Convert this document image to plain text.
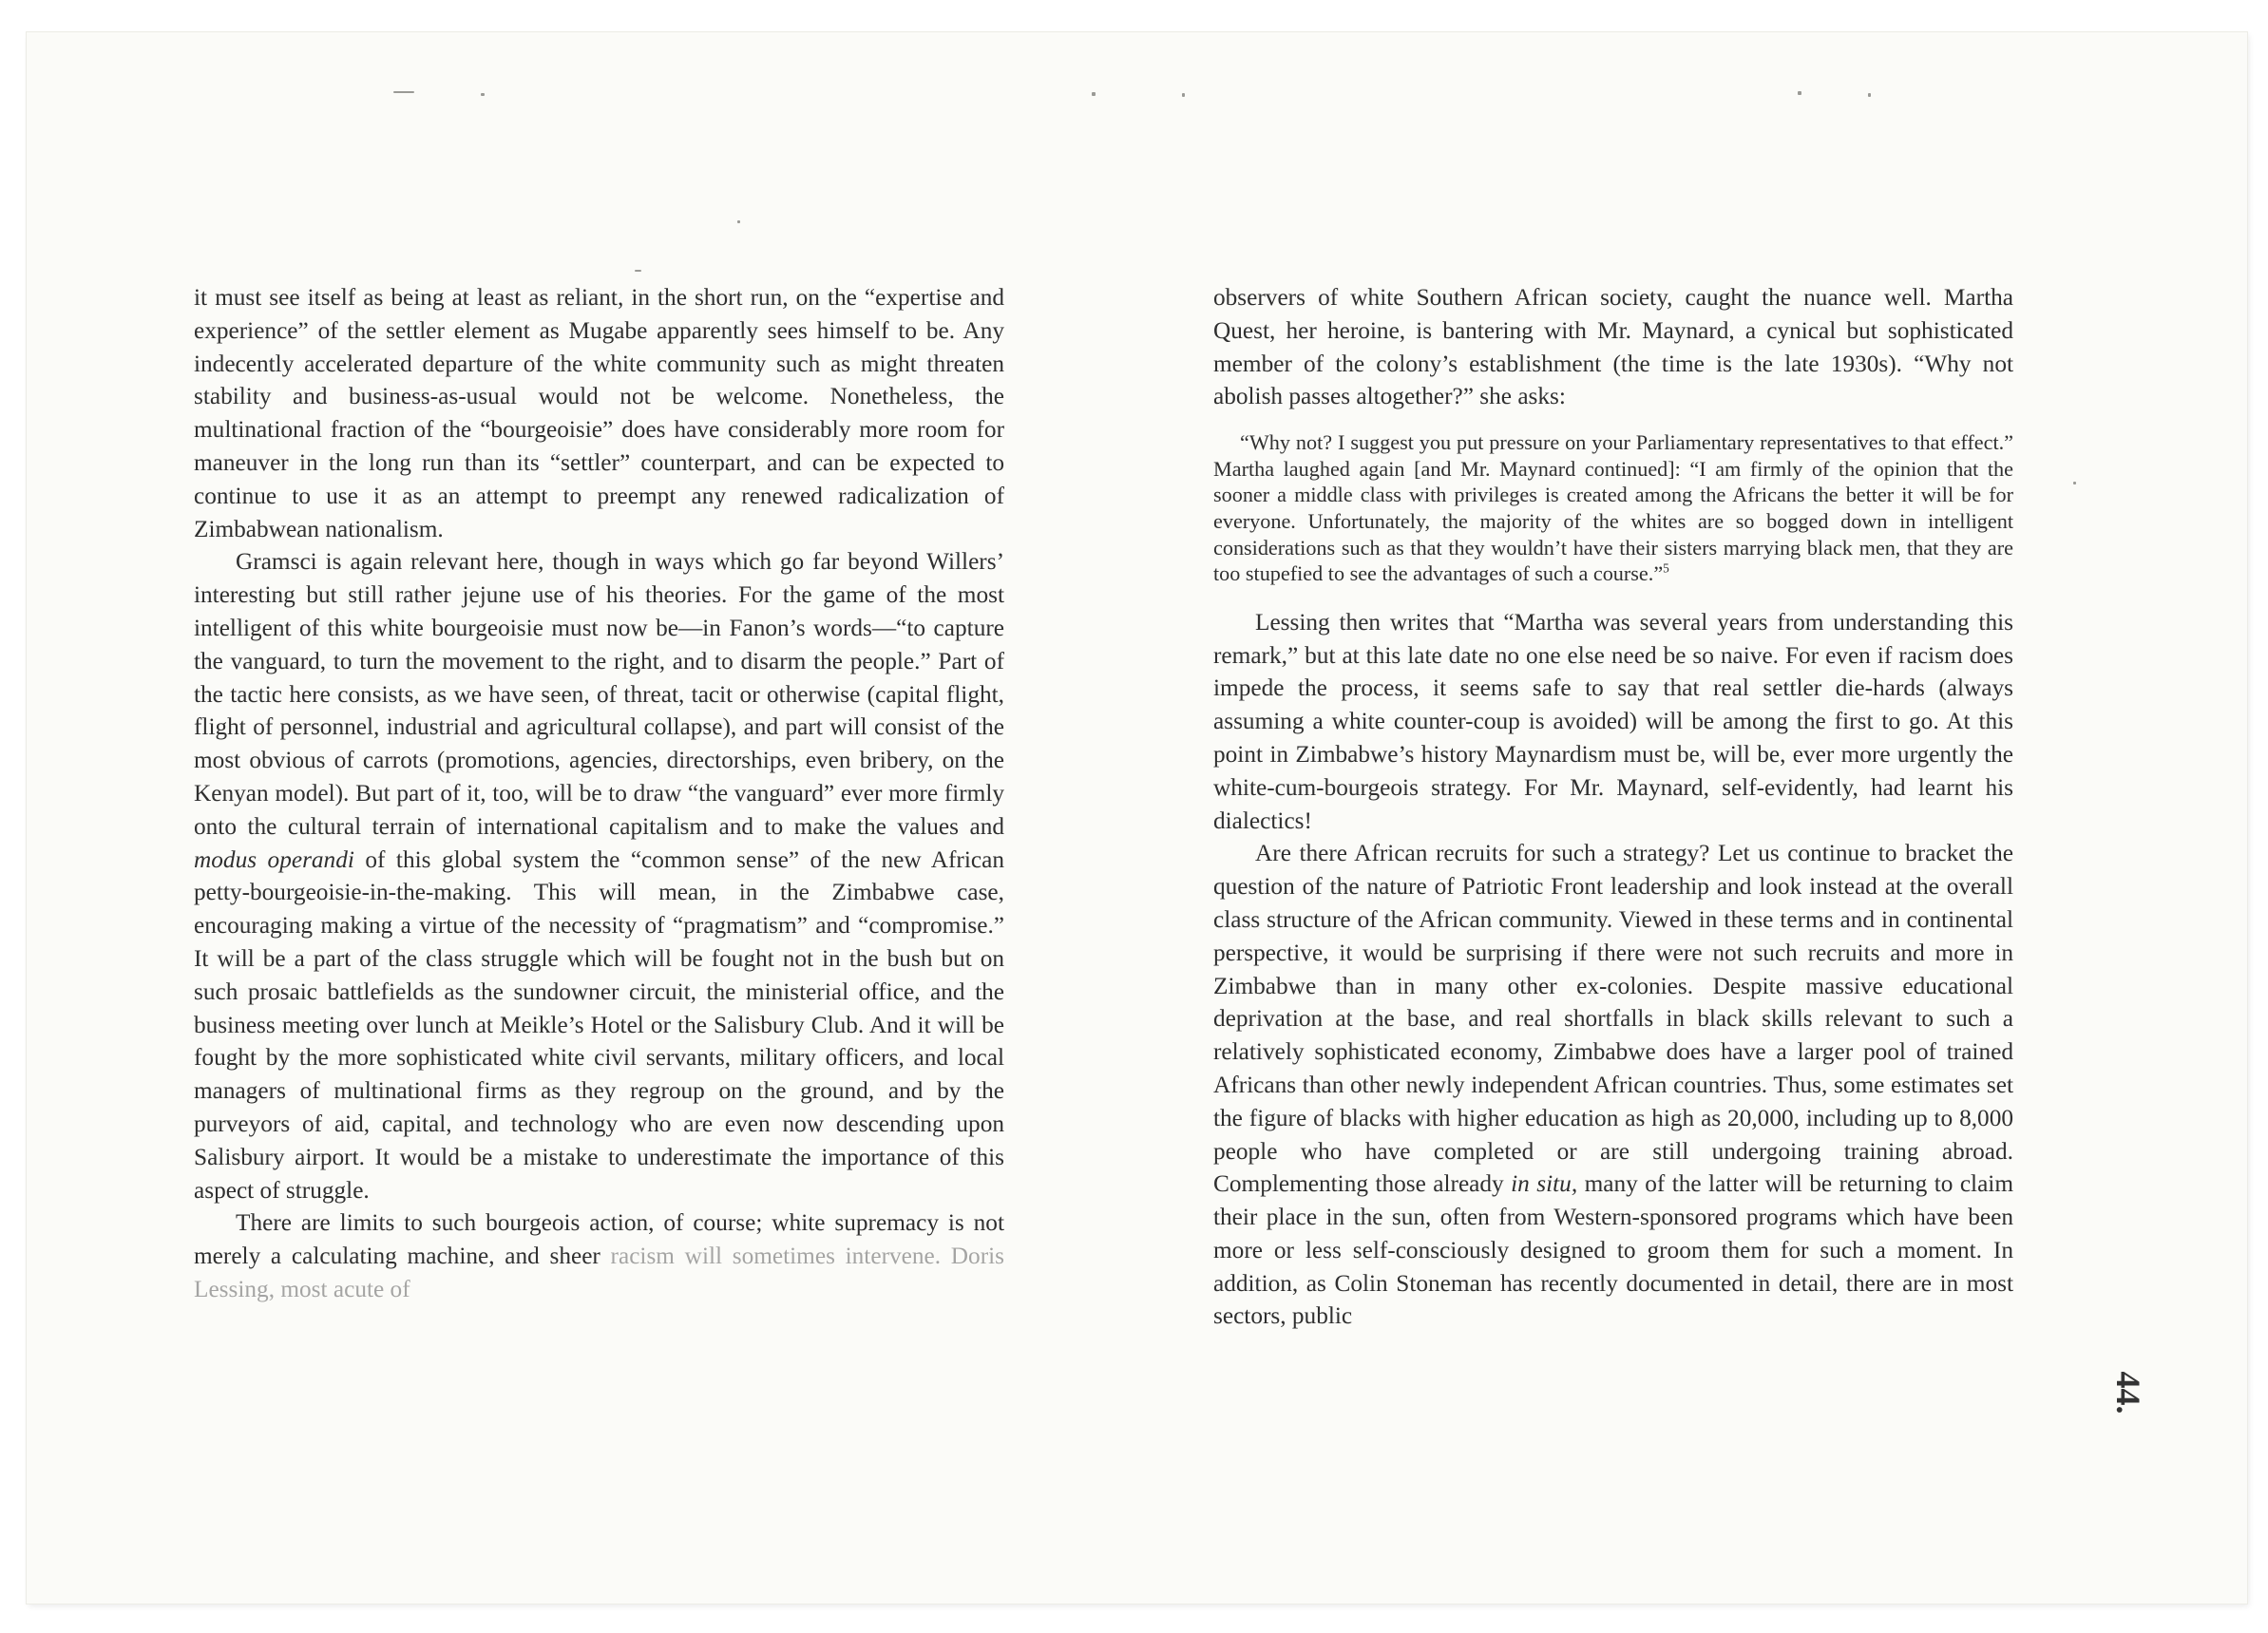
it must see itself as being at least as reliant, in the short run, on the “expertise and experience” of the settler element as Mugabe apparently sees himself to be. Any indecently accelerated departure of the white community such as might threaten stability and business-as-usual would not be welcome. Nonetheless, the multinational fraction of the “bourgeoisie” does have considerably more room for maneuver in the long run than its “settler” counterpart, and can be expected to continue to use it as an attempt to preempt any renewed radicalization of Zimbabwean nationalism.

Gramsci is again relevant here, though in ways which go far beyond Willers’ interesting but still rather jejune use of his theories. For the game of the most intelligent of this white bourgeoisie must now be—in Fanon’s words—“to capture the vanguard, to turn the movement to the right, and to disarm the people.” Part of the tactic here consists, as we have seen, of threat, tacit or otherwise (capital flight, flight of personnel, industrial and agricultural collapse), and part will consist of the most obvious of carrots (promotions, agencies, directorships, even bribery, on the Kenyan model). But part of it, too, will be to draw “the vanguard” ever more firmly onto the cultural terrain of international capitalism and to make the values and modus operandi of this global system the “common sense” of the new African petty-bourgeoisie-in-the-making. This will mean, in the Zimbabwe case, encouraging making a virtue of the necessity of “pragmatism” and “compromise.” It will be a part of the class struggle which will be fought not in the bush but on such prosaic battlefields as the sundowner circuit, the ministerial office, and the business meeting over lunch at Meikle’s Hotel or the Salisbury Club. And it will be fought by the more sophisticated white civil servants, military officers, and local managers of multinational firms as they regroup on the ground, and by the purveyors of aid, capital, and technology who are even now descending upon Salisbury airport. It would be a mistake to underestimate the importance of this aspect of struggle.

There are limits to such bourgeois action, of course; white supremacy is not merely a calculating machine, and sheer racism will sometimes intervene. Doris Lessing, most acute of

observers of white Southern African society, caught the nuance well. Martha Quest, her heroine, is bantering with Mr. Maynard, a cynical but sophisticated member of the colony’s establishment (the time is the late 1930s). “Why not abolish passes altogether?” she asks:

“Why not? I suggest you put pressure on your Parliamentary representatives to that effect.” Martha laughed again [and Mr. Maynard continued]: “I am firmly of the opinion that the sooner a middle class with privileges is created among the Africans the better it will be for everyone. Unfortunately, the majority of the whites are so bogged down in intelligent considerations such as that they wouldn’t have their sisters marrying black men, that they are too stupefied to see the advantages of such a course.”$^5$

Lessing then writes that “Martha was several years from understanding this remark,” but at this late date no one else need be so naive. For even if racism does impede the process, it seems safe to say that real settler die-hards (always assuming a white counter-coup is avoided) will be among the first to go. At this point in Zimbabwe’s history Maynardism must be, will be, ever more urgently the white-cum-bourgeois strategy. For Mr. Maynard, self-evidently, had learnt his dialectics!

Are there African recruits for such a strategy? Let us continue to bracket the question of the nature of Patriotic Front leadership and look instead at the overall class structure of the African community. Viewed in these terms and in continental perspective, it would be surprising if there were not such recruits and more in Zimbabwe than in many other ex-colonies. Despite massive educational deprivation at the base, and real shortfalls in black skills relevant to such a relatively sophisticated economy, Zimbabwe does have a larger pool of trained Africans than other newly independent African countries. Thus, some estimates set the figure of blacks with higher education as high as 20,000, including up to 8,000 people who have completed or are still undergoing training abroad. Complementing those already in situ, many of the latter will be returning to claim their place in the sun, often from Western-sponsored programs which have been more or less self-consciously designed to groom them for such a moment. In addition, as Colin Stoneman has recently documented in detail, there are in most sectors, public

44.
